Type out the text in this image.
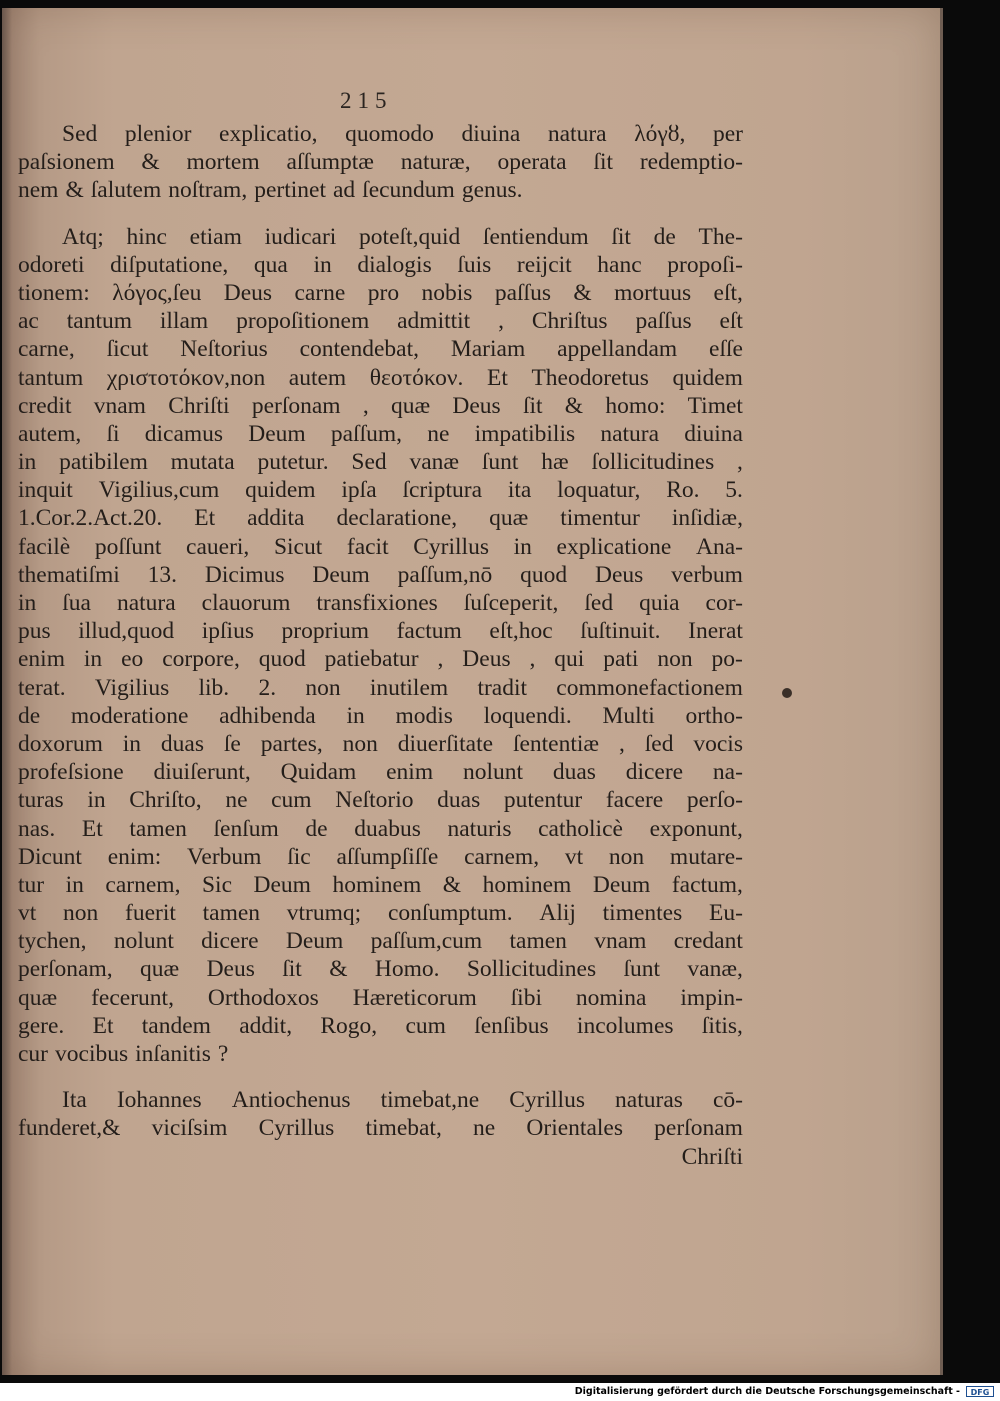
215
Sed plenior explicatio, quomodo diuina natura λόγȣ, per
paſsionem & mortem aſſumptæ naturæ, operata ſit redemptio-
nem & ſalutem noſtram, pertinet ad ſecundum genus.
Atq; hinc etiam iudicari poteſt,quid ſentiendum ſit de The-
odoreti diſputatione, qua in dialogis ſuis reijcit hanc propoſi-
tionem: λόγος,ſeu Deus carne pro nobis paſſus & mortuus eſt,
ac tantum illam propoſitionem admittit , Chriſtus paſſus eſt
carne, ſicut Neſtorius contendebat, Mariam appellandam eſſe
tantum χριστοτόκον,non autem θεοτόκον. Et Theodoretus quidem
credit vnam Chriſti perſonam , quæ Deus ſit & homo: Timet
autem, ſi dicamus Deum paſſum, ne impatibilis natura diuina
in patibilem mutata putetur. Sed vanæ ſunt hæ ſollicitudines ,
inquit Vigilius,cum quidem ipſa ſcriptura ita loquatur, Ro. 5.
1.Cor.2.Act.20. Et addita declaratione, quæ timentur inſidiæ,
facilè poſſunt caueri, Sicut facit Cyrillus in explicatione Ana-
thematiſmi 13. Dicimus Deum paſſum,nō quod Deus verbum
in ſua natura clauorum transfixiones ſuſceperit, ſed quia cor-
pus illud,quod ipſius proprium factum eſt,hoc ſuſtinuit. Inerat
enim in eo corpore, quod patiebatur , Deus , qui pati non po-
terat. Vigilius lib. 2. non inutilem tradit commonefactionem
de moderatione adhibenda in modis loquendi. Multi ortho-
doxorum in duas ſe partes, non diuerſitate ſententiæ , ſed vocis
profeſsione diuiſerunt, Quidam enim nolunt duas dicere na-
turas in Chriſto, ne cum Neſtorio duas putentur facere perſo-
nas. Et tamen ſenſum de duabus naturis catholicè exponunt,
Dicunt enim: Verbum ſic aſſumpſiſſe carnem, vt non mutare-
tur in carnem, Sic Deum hominem & hominem Deum factum,
vt non fuerit tamen vtrumq; conſumptum. Alij timentes Eu-
tychen, nolunt dicere Deum paſſum,cum tamen vnam credant
perſonam, quæ Deus ſit & Homo. Sollicitudines ſunt vanæ,
quæ fecerunt, Orthodoxos Hæreticorum ſibi nomina impin-
gere. Et tandem addit, Rogo, cum ſenſibus incolumes ſitis,
cur vocibus inſanitis ?
Ita Iohannes Antiochenus timebat,ne Cyrillus naturas cō-
funderet,& viciſsim Cyrillus timebat, ne Orientales perſonam
Chriſti
Digitalisierung gefördert durch die Deutsche Forschungsgemeinschaft -	DFG
